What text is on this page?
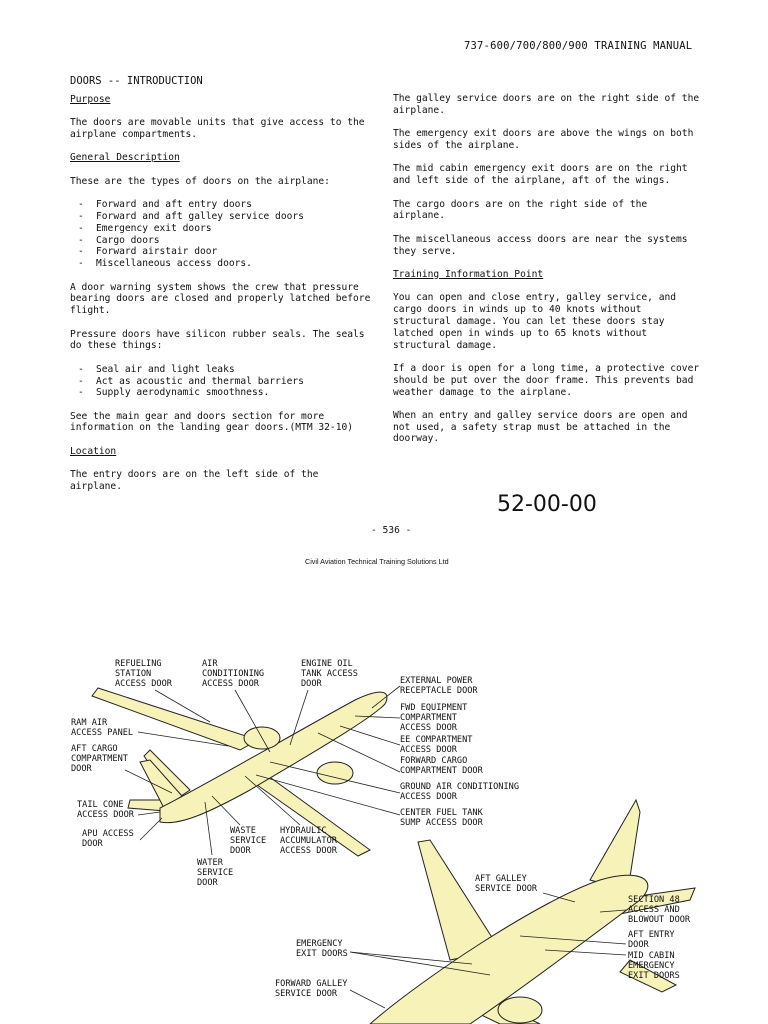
737-600/700/800/900 TRAINING MANUAL
DOORS -- INTRODUCTION

Purpose

The doors are movable units that give access to the airplane compartments.

General Description

These are the types of doors on the airplane:

- Forward and aft entry doors
- Forward and aft galley service doors
- Emergency exit doors
- Cargo doors
- Forward airstair door
- Miscellaneous access doors.

A door warning system shows the crew that pressure bearing doors are closed and properly latched before flight.

Pressure doors have silicon rubber seals. The seals do these things:

- Seal air and light leaks
- Act as acoustic and thermal barriers
- Supply aerodynamic smoothness.

See the main gear and doors section for more information on the landing gear doors.(MTM 32-10)

Location

The entry doors are on the left side of the airplane.

The galley service doors are on the right side of the airplane.

The emergency exit doors are above the wings on both sides of the airplane.

The mid cabin emergency exit doors are on the right and left side of the airplane, aft of the wings.

The cargo doors are on the right side of the airplane.

The miscellaneous access doors are near the systems they serve.

Training Information Point

You can open and close entry, galley service, and cargo doors in winds up to 40 knots without structural damage. You can let these doors stay latched open in winds up to 65 knots without structural damage.

If a door is open for a long time, a protective cover should be put over the door frame. This prevents bad weather damage to the airplane.

When an entry and galley service doors are open and not used, a safety strap must be attached in the doorway.

52-00-00
- 536 -
Civil Aviation Technical Training Solutions Ltd
REFUELING
STATION
ACCESS DOOR
AIR
CONDITIONING
ACCESS DOOR
ENGINE OIL
TANK ACCESS
DOOR	EXTERNAL POWER
RECEPTACLE DOOR
FWD EQUIPMENT
COMPARTMENT
ACCESS DOOR
EE COMPARTMENT
ACCESS DOOR
FORWARD CARGO
COMPARTMENT DOOR
RAM AIR
ACCESS PANEL
AFT CARGO
COMPARTMENT
DOOR
GROUND AIR CONDITIONING
ACCESS DOOR
CENTER FUEL TANK
SUMP ACCESS DOOR
TAIL CONE
ACCESS DOOR
APU ACCESS
DOOR
WASTE
SERVICE
DOOR
HYDRAULIC
ACCUMULATOR
ACCESS DOOR
WATER
SERVICE
DOOR	AFT GALLEY
SERVICE DOOR
SECTION 48
ACCESS AND
BLOWOUT DOOR
AFT ENTRY
DOOR
MID CABIN
EMERGENCY
EXIT DOORS
EMERGENCY
EXIT DOORS
FORWARD GALLEY
SERVICE DOOR
